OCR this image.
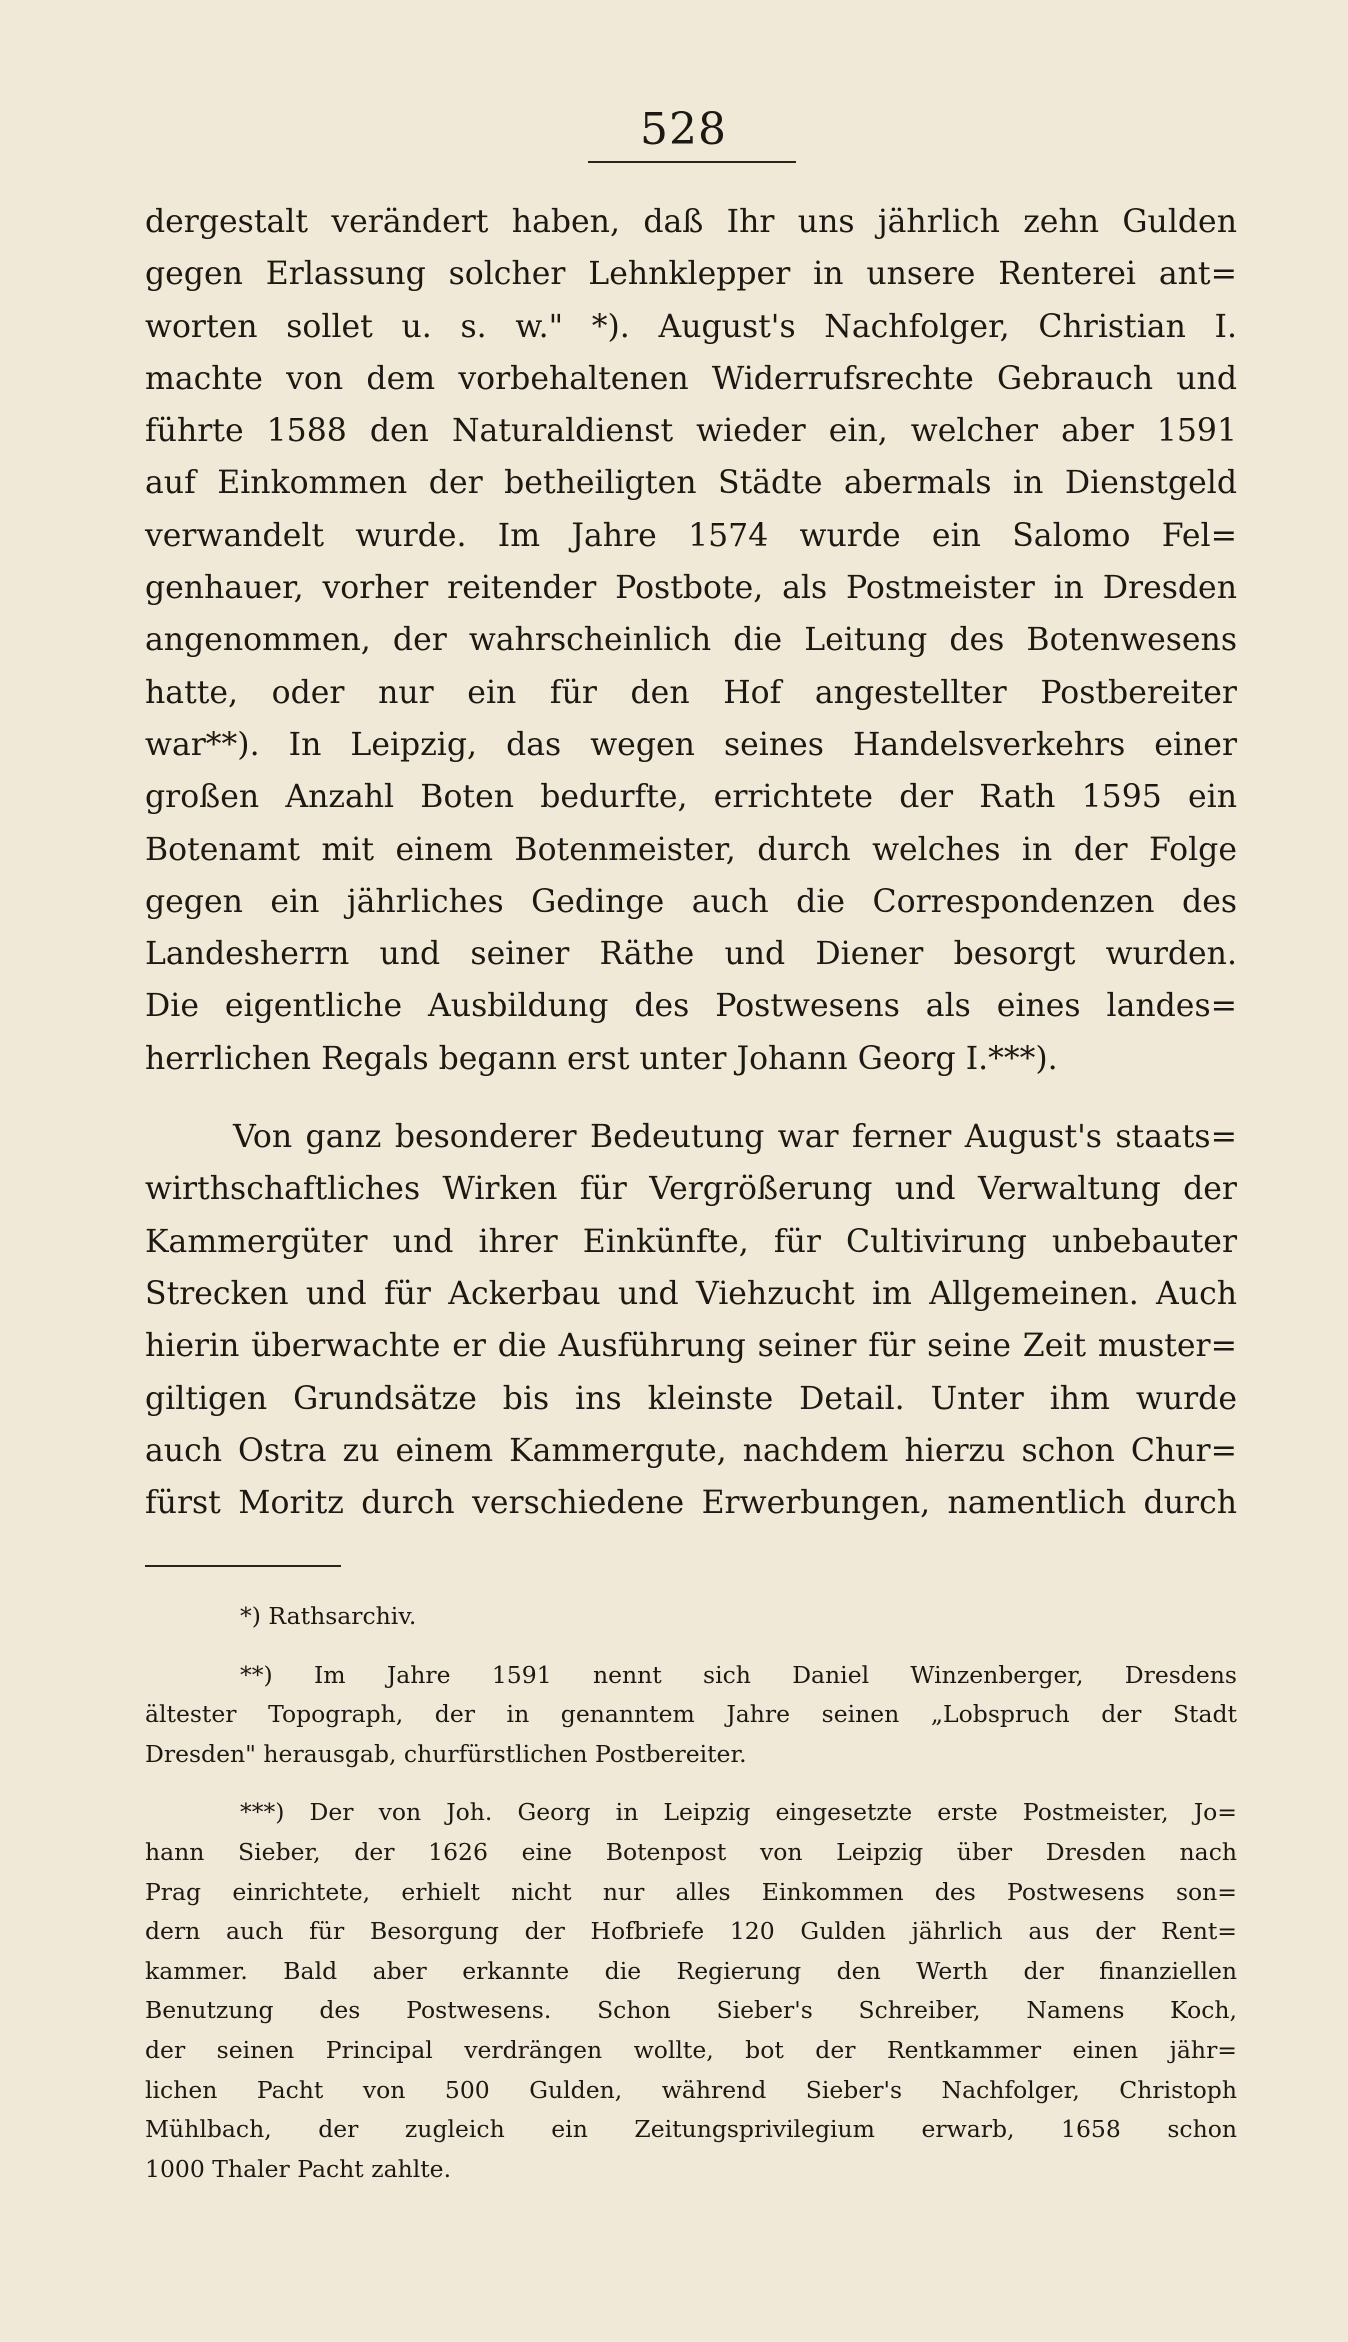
528
dergestalt verändert haben, daß Ihr uns jährlich zehn Gulden
gegen Erlassung solcher Lehnklepper in unsere Renterei ant=
worten sollet u. s. w." *). August's Nachfolger, Christian I.
machte von dem vorbehaltenen Widerrufsrechte Gebrauch und
führte 1588 den Naturaldienst wieder ein, welcher aber 1591
auf Einkommen der betheiligten Städte abermals in Dienstgeld
verwandelt wurde. Im Jahre 1574 wurde ein Salomo Fel=
genhauer, vorher reitender Postbote, als Postmeister in Dresden
angenommen, der wahrscheinlich die Leitung des Botenwesens
hatte, oder nur ein für den Hof angestellter Postbereiter
war**). In Leipzig, das wegen seines Handelsverkehrs einer
großen Anzahl Boten bedurfte, errichtete der Rath 1595 ein
Botenamt mit einem Botenmeister, durch welches in der Folge
gegen ein jährliches Gedinge auch die Correspondenzen des
Landesherrn und seiner Räthe und Diener besorgt wurden.
Die eigentliche Ausbildung des Postwesens als eines landes=
herrlichen Regals begann erst unter Johann Georg I.***).
Von ganz besonderer Bedeutung war ferner August's staats=
wirthschaftliches Wirken für Vergrößerung und Verwaltung der
Kammergüter und ihrer Einkünfte, für Cultivirung unbebauter
Strecken und für Ackerbau und Viehzucht im Allgemeinen. Auch
hierin überwachte er die Ausführung seiner für seine Zeit muster=
giltigen Grundsätze bis ins kleinste Detail. Unter ihm wurde
auch Ostra zu einem Kammergute, nachdem hierzu schon Chur=
fürst Moritz durch verschiedene Erwerbungen, namentlich durch
*) Rathsarchiv.
**) Im Jahre 1591 nennt sich Daniel Winzenberger, Dresdens
ältester Topograph, der in genanntem Jahre seinen „Lobspruch der Stadt
Dresden" herausgab, churfürstlichen Postbereiter.
***) Der von Joh. Georg in Leipzig eingesetzte erste Postmeister, Jo=
hann Sieber, der 1626 eine Botenpost von Leipzig über Dresden nach
Prag einrichtete, erhielt nicht nur alles Einkommen des Postwesens son=
dern auch für Besorgung der Hofbriefe 120 Gulden jährlich aus der Rent=
kammer. Bald aber erkannte die Regierung den Werth der finanziellen
Benutzung des Postwesens. Schon Sieber's Schreiber, Namens Koch,
der seinen Principal verdrängen wollte, bot der Rentkammer einen jähr=
lichen Pacht von 500 Gulden, während Sieber's Nachfolger, Christoph
Mühlbach, der zugleich ein Zeitungsprivilegium erwarb, 1658 schon
1000 Thaler Pacht zahlte.
